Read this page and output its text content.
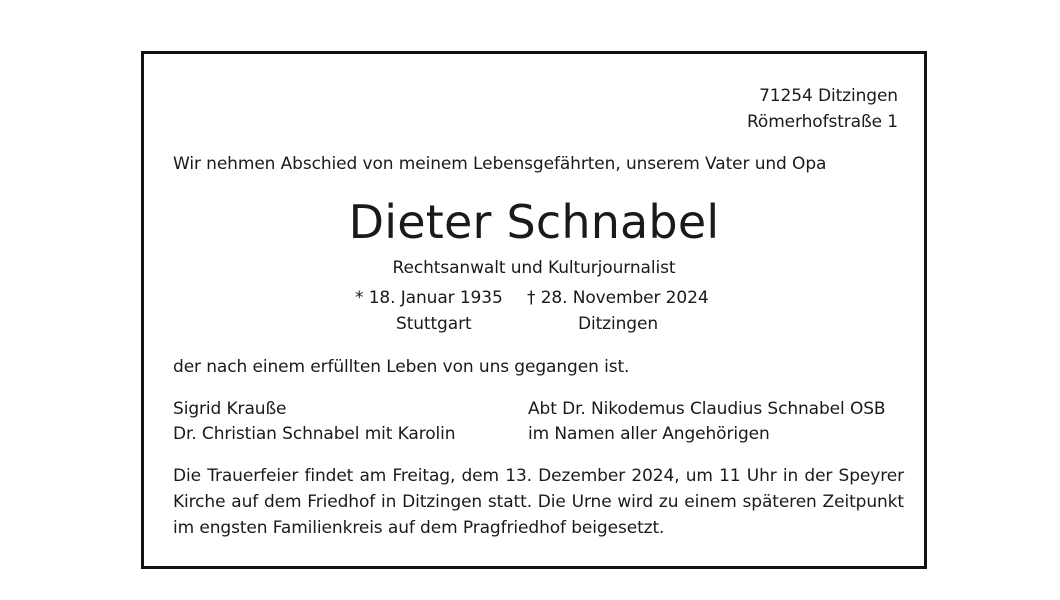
71254 Ditzingen
Römerhofstraße 1
Wir nehmen Abschied von meinem Lebensgefährten, unserem Vater und Opa
Dieter Schnabel
Rechtsanwalt und Kulturjournalist
* 18. Januar 1935 † 28. November 2024
Stuttgart	Ditzingen
der nach einem erfüllten Leben von uns gegangen ist.
Sigrid Krauße
Dr. Christian Schnabel mit Karolin
Abt Dr. Nikodemus Claudius Schnabel OSB
im Namen aller Angehörigen
Die Trauerfeier findet am Freitag, dem 13. Dezember 2024, um 11 Uhr in der Speyrer Kirche auf dem Friedhof in Ditzingen statt. Die Urne wird zu einem späteren Zeitpunkt im engsten Familienkreis auf dem Pragfriedhof beigesetzt.
